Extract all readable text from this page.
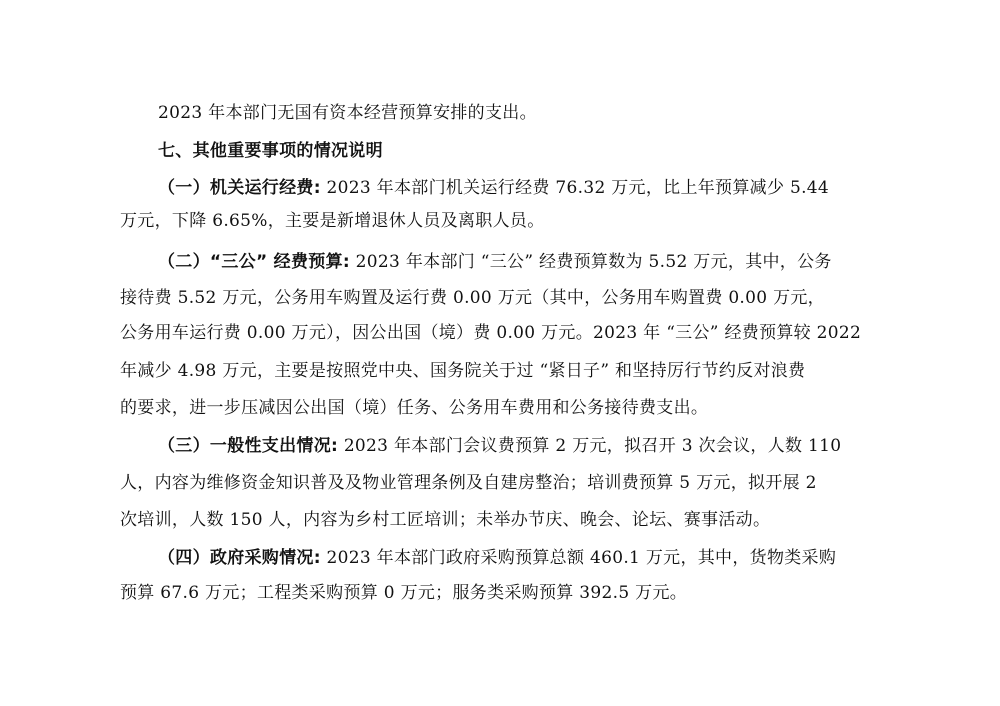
2023 年本部门无国有资本经营预算安排的支出。
七、其他重要事项的情况说明
（一）机关运行经费: 2023 年本部门机关运行经费 76.32 万元，比上年预算减少 5.44
万元，下降 6.65%，主要是新增退休人员及离职人员。
（二）“三公” 经费预算: 2023 年本部门 “三公” 经费预算数为 5.52 万元，其中，公务
接待费 5.52 万元，公务用车购置及运行费 0.00 万元（其中，公务用车购置费 0.00 万元，
公务用车运行费 0.00 万元），因公出国（境）费 0.00 万元。2023 年 “三公” 经费预算较 2022
年减少 4.98 万元，主要是按照党中央、国务院关于过 “紧日子” 和坚持厉行节约反对浪费
的要求，进一步压减因公出国（境）任务、公务用车费用和公务接待费支出。
（三）一般性支出情况: 2023 年本部门会议费预算 2 万元，拟召开 3 次会议，人数 110
人，内容为维修资金知识普及及物业管理条例及自建房整治；培训费预算 5 万元，拟开展 2
次培训，人数 150 人，内容为乡村工匠培训；未举办节庆、晚会、论坛、赛事活动。
（四）政府采购情况: 2023 年本部门政府采购预算总额 460.1 万元，其中，货物类采购
预算 67.6 万元；工程类采购预算 0 万元；服务类采购预算 392.5 万元。
